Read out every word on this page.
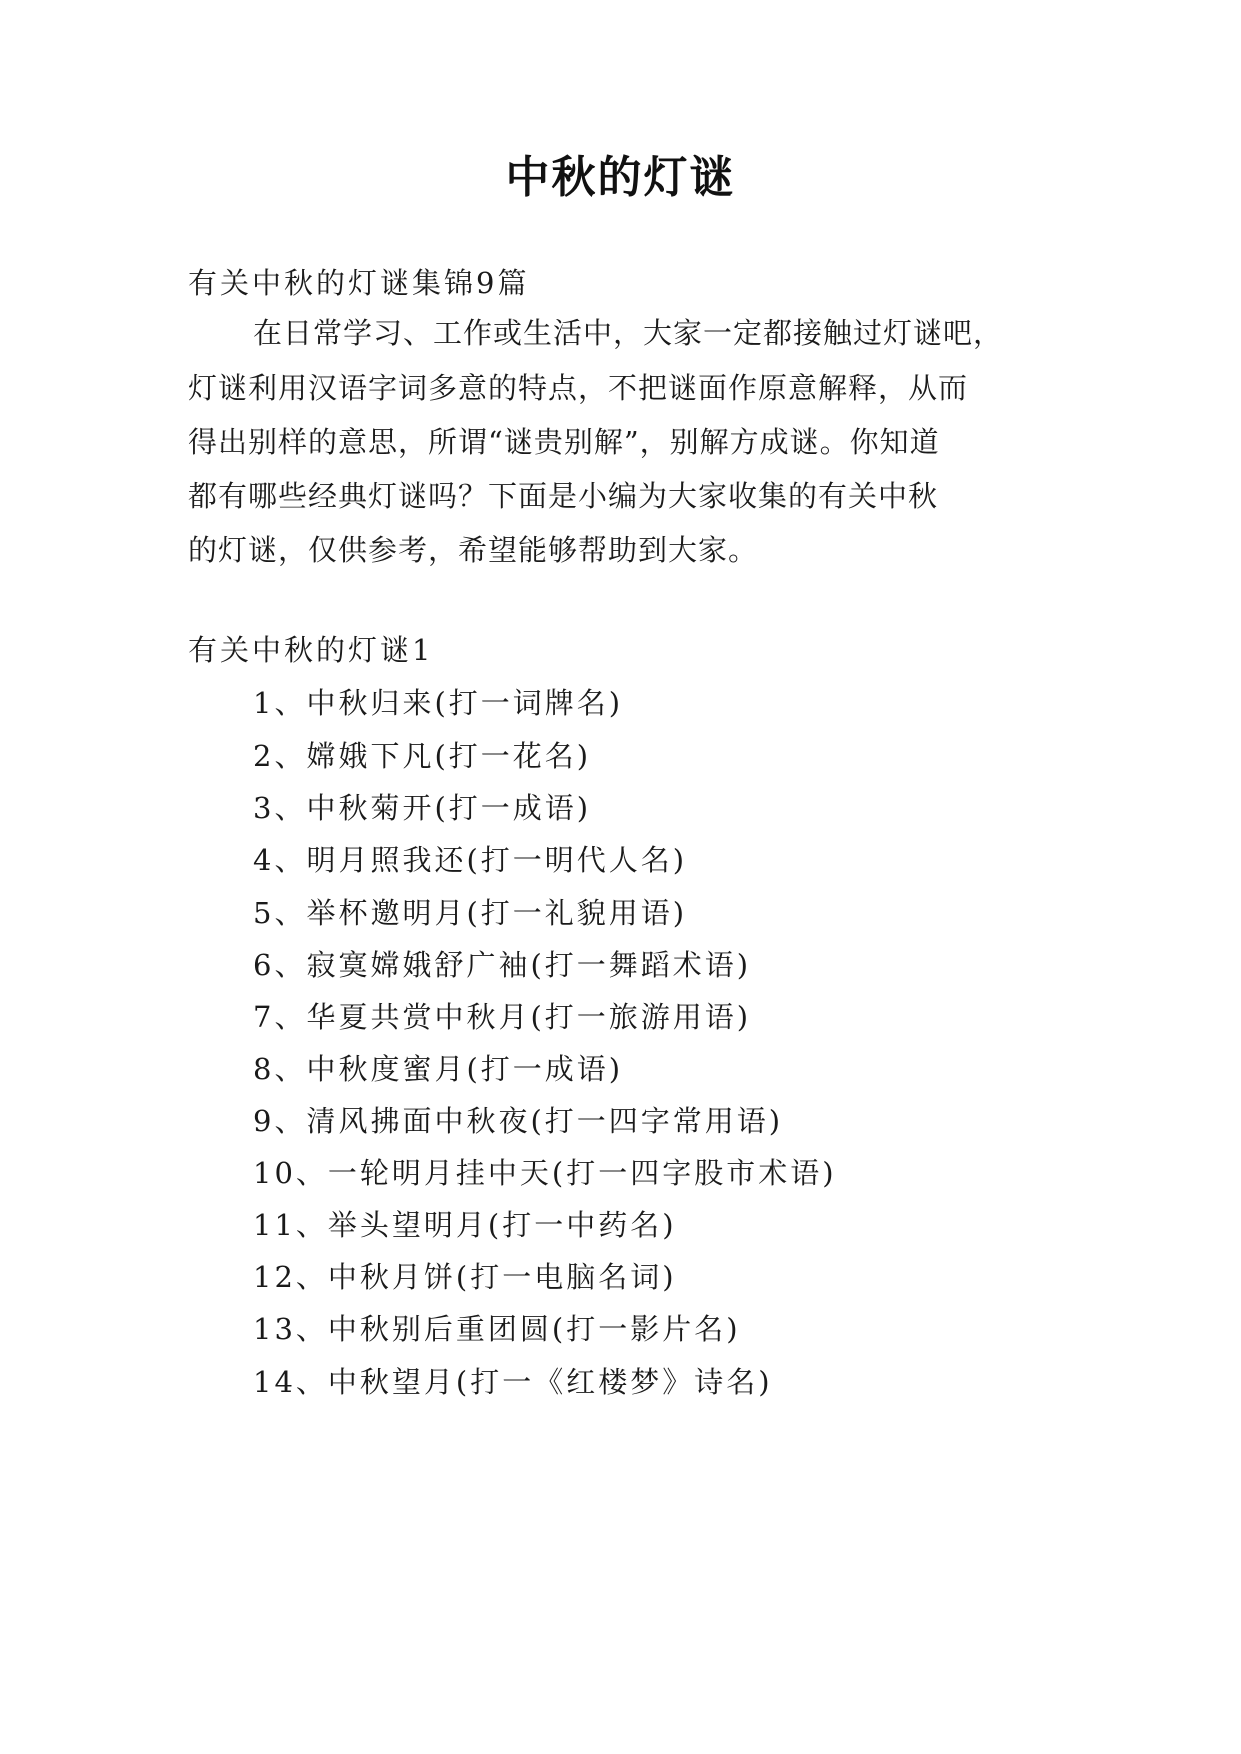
中秋的灯谜
有关中秋的灯谜集锦9篇
在日常学习、工作或生活中，大家一定都接触过灯谜吧，
灯谜利用汉语字词多意的特点，不把谜面作原意解释，从而
得出别样的意思，所谓“谜贵别解”，别解方成谜。你知道
都有哪些经典灯谜吗？下面是小编为大家收集的有关中秋
的灯谜，仅供参考，希望能够帮助到大家。
有关中秋的灯谜1
1、中秋归来(打一词牌名)
2、嫦娥下凡(打一花名)
3、中秋菊开(打一成语)
4、明月照我还(打一明代人名)
5、举杯邀明月(打一礼貌用语)
6、寂寞嫦娥舒广袖(打一舞蹈术语)
7、华夏共赏中秋月(打一旅游用语)
8、中秋度蜜月(打一成语)
9、清风拂面中秋夜(打一四字常用语)
10、一轮明月挂中天(打一四字股市术语)
11、举头望明月(打一中药名)
12、中秋月饼(打一电脑名词)
13、中秋别后重团圆(打一影片名)
14、中秋望月(打一《红楼梦》诗名)
